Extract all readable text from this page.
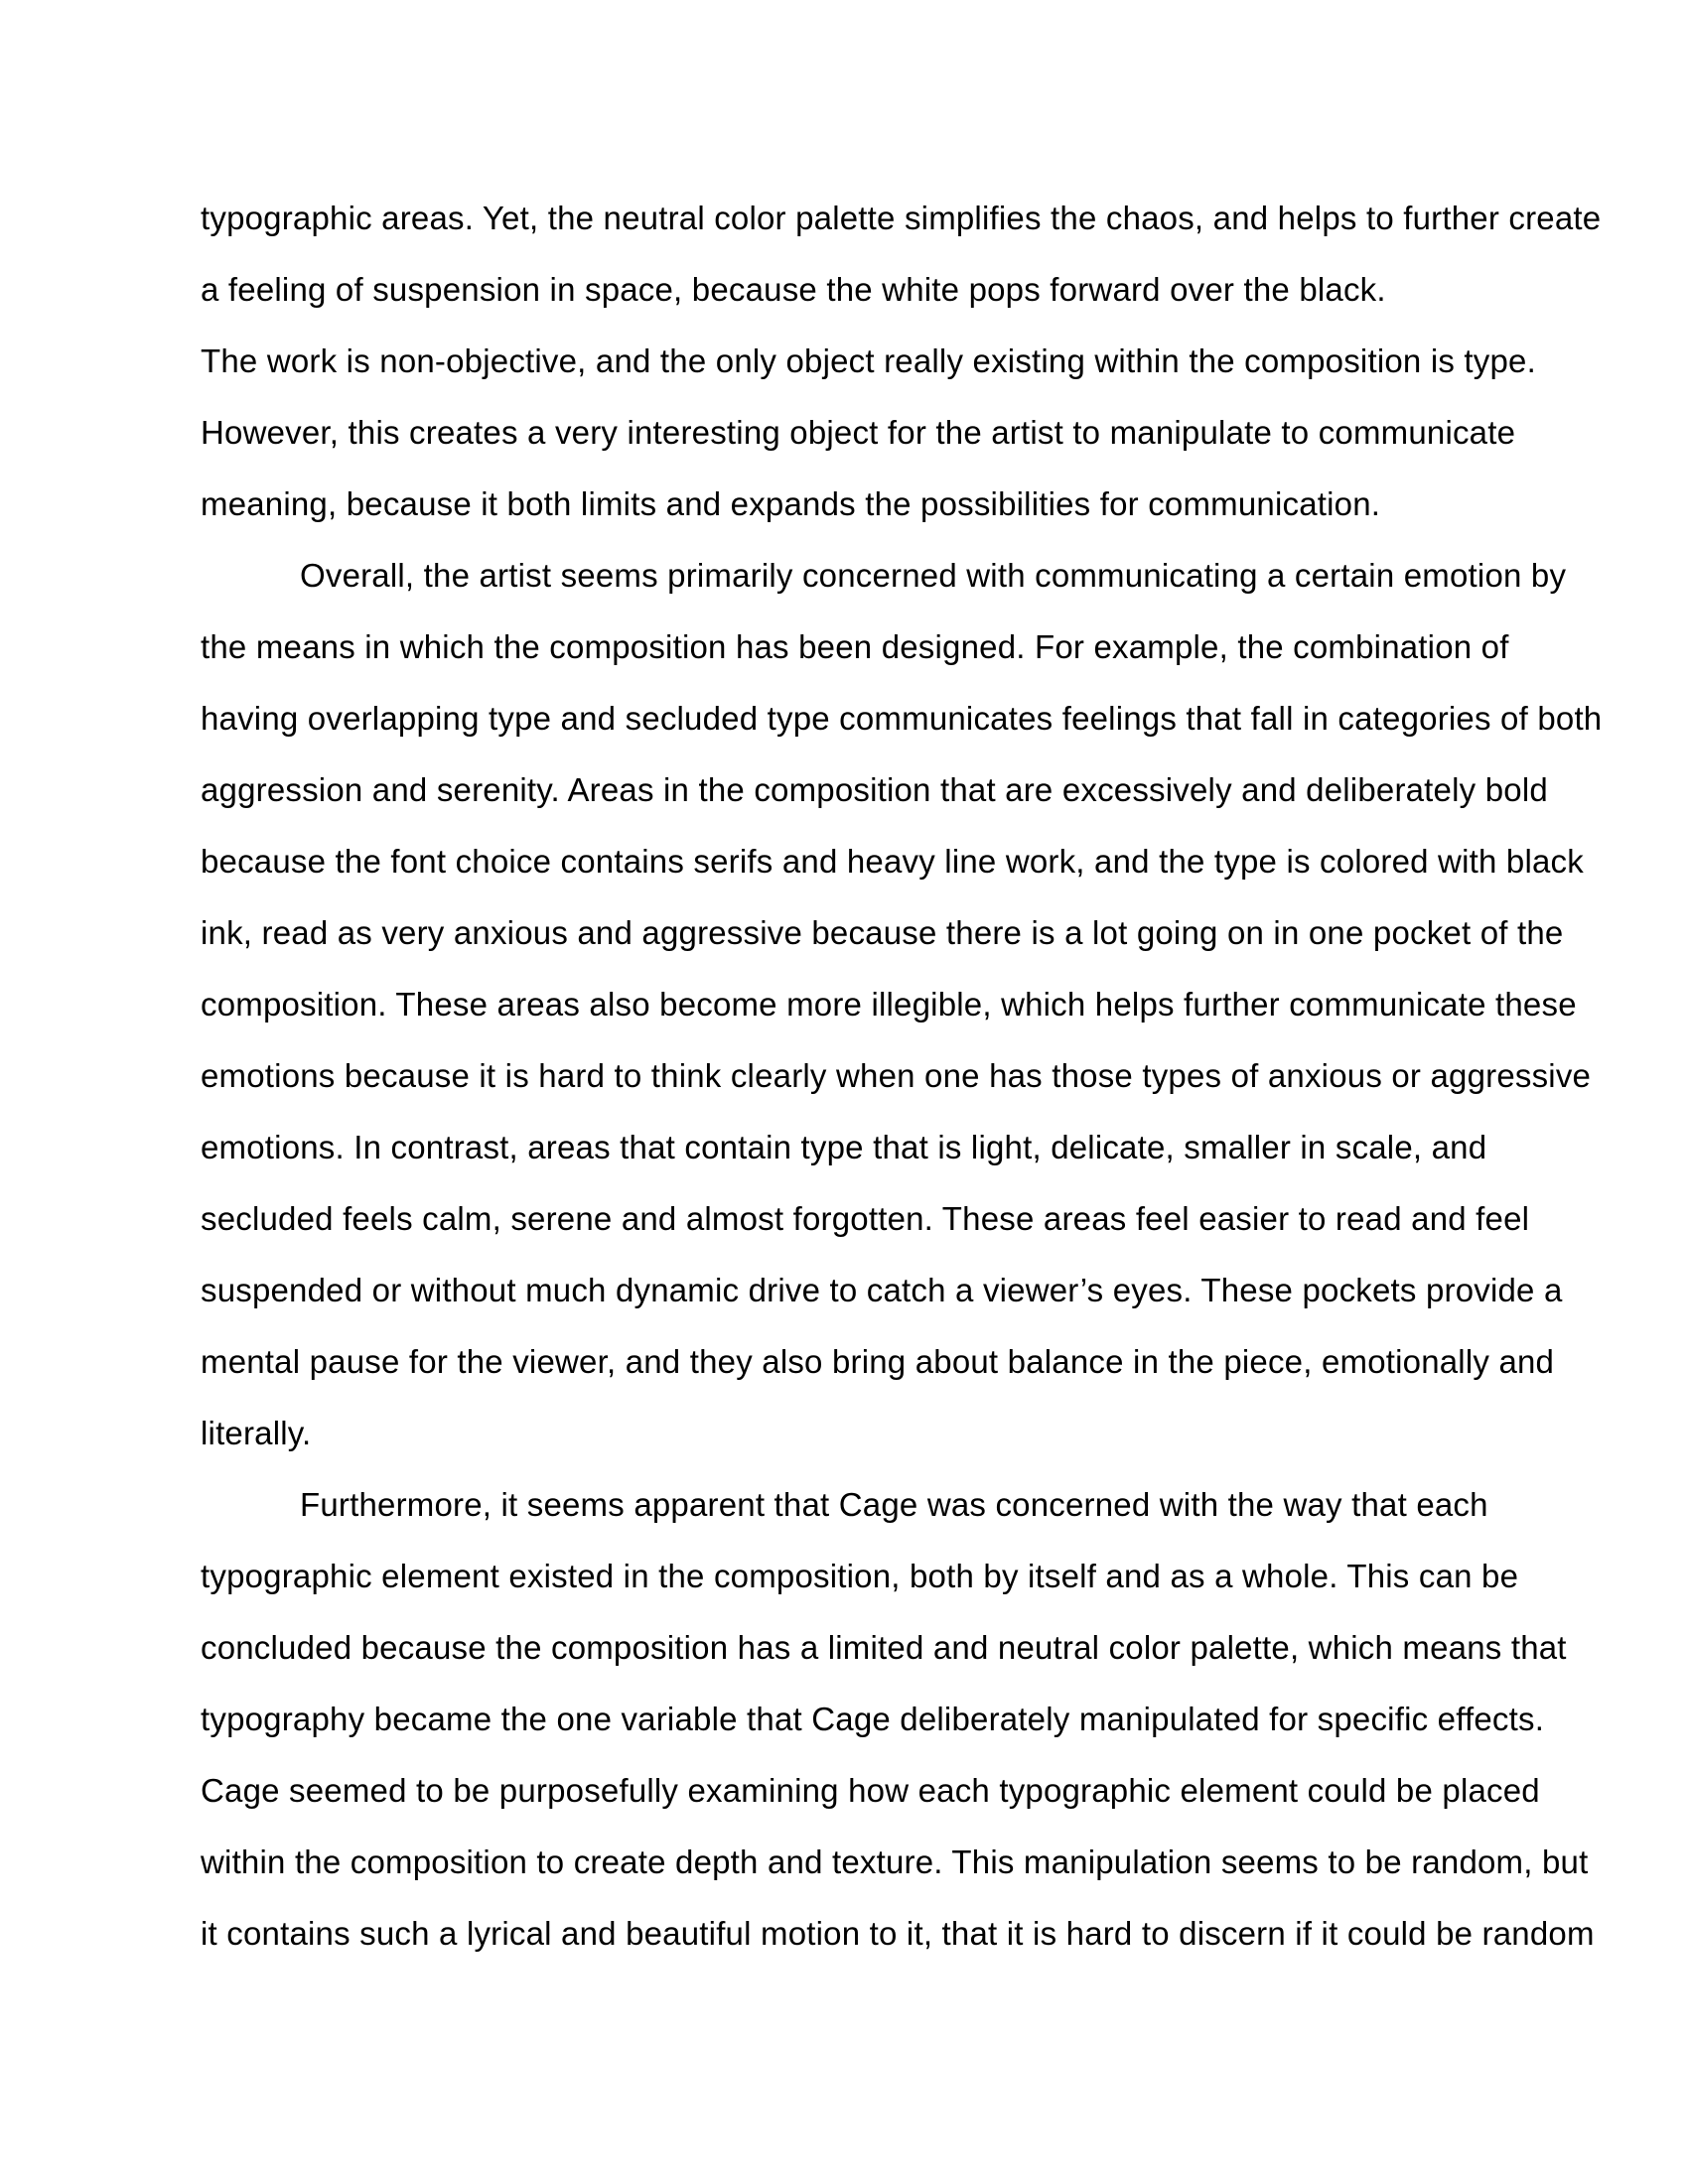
typographic areas. Yet, the neutral color palette simplifies the chaos, and helps to further create
a feeling of suspension in space, because the white pops forward over the black.
The work is non-objective, and the only object really existing within the composition is type.
However, this creates a very interesting object for the artist to manipulate to communicate
meaning, because it both limits and expands the possibilities for communication.
Overall, the artist seems primarily concerned with communicating a certain emotion by
the means in which the composition has been designed. For example, the combination of
having overlapping type and secluded type communicates feelings that fall in categories of both
aggression and serenity. Areas in the composition that are excessively and deliberately bold
because the font choice contains serifs and heavy line work, and the type is colored with black
ink, read as very anxious and aggressive because there is a lot going on in one pocket of the
composition. These areas also become more illegible, which helps further communicate these
emotions because it is hard to think clearly when one has those types of anxious or aggressive
emotions. In contrast, areas that contain type that is light, delicate, smaller in scale, and
secluded feels calm, serene and almost forgotten. These areas feel easier to read and feel
suspended or without much dynamic drive to catch a viewer’s eyes. These pockets provide a
mental pause for the viewer, and they also bring about balance in the piece, emotionally and
literally.
Furthermore, it seems apparent that Cage was concerned with the way that each
typographic element existed in the composition, both by itself and as a whole. This can be
concluded because the composition has a limited and neutral color palette, which means that
typography became the one variable that Cage deliberately manipulated for specific effects.
Cage seemed to be purposefully examining how each typographic element could be placed
within the composition to create depth and texture. This manipulation seems to be random, but
it contains such a lyrical and beautiful motion to it, that it is hard to discern if it could be random
